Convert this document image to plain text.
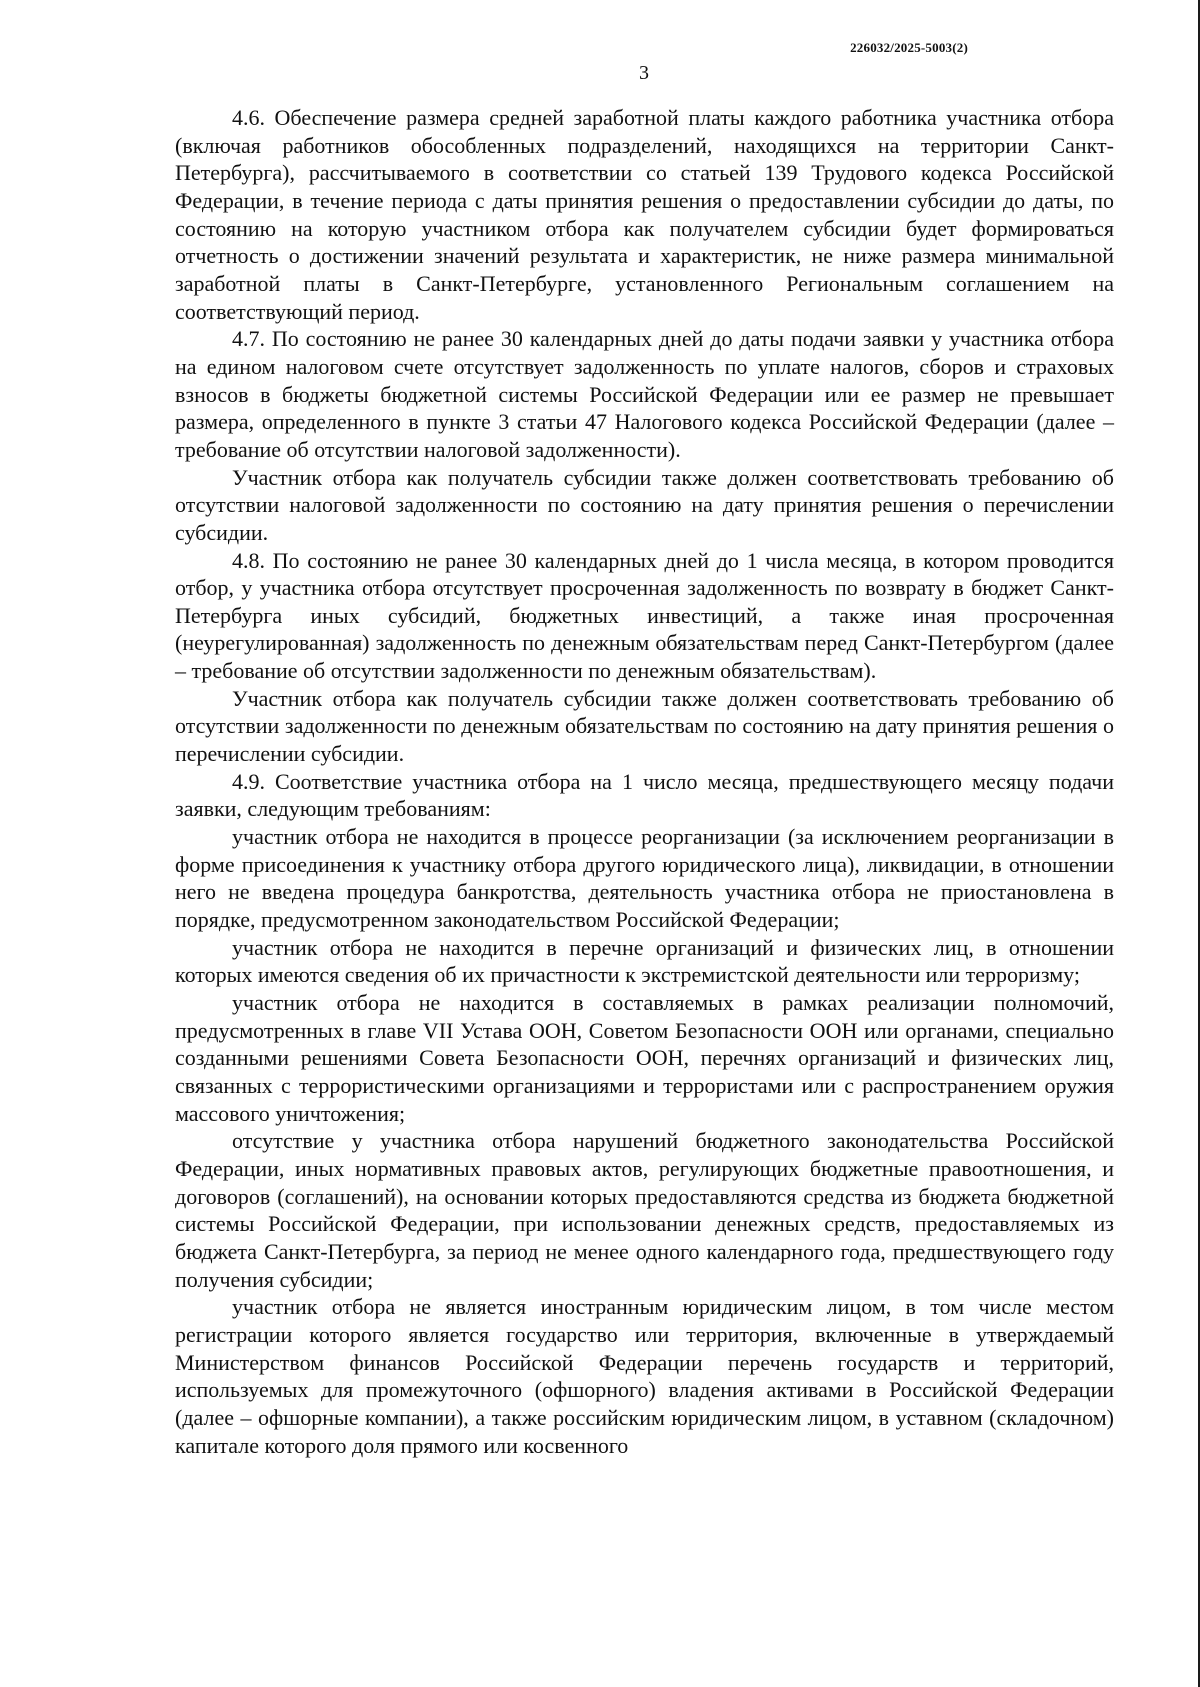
226032/2025-5003(2)
3

4.6. Обеспечение размера средней заработной платы каждого работника участника отбора (включая работников обособленных подразделений, находящихся на территории Санкт-Петербурга), рассчитываемого в соответствии со статьей 139 Трудового кодекса Российской Федерации, в течение периода с даты принятия решения о предоставлении субсидии до даты, по состоянию на которую участником отбора как получателем субсидии будет формироваться отчетность о достижении значений результата и характеристик, не ниже размера минимальной заработной платы в Санкт-Петербурге, установленного Региональным соглашением на соответствующий период.

4.7. По состоянию не ранее 30 календарных дней до даты подачи заявки у участника отбора на едином налоговом счете отсутствует задолженность по уплате налогов, сборов и страховых взносов в бюджеты бюджетной системы Российской Федерации или ее размер не превышает размера, определенного в пункте 3 статьи 47 Налогового кодекса Российской Федерации (далее – требование об отсутствии налоговой задолженности).

Участник отбора как получатель субсидии также должен соответствовать требованию об отсутствии налоговой задолженности по состоянию на дату принятия решения о перечислении субсидии.

4.8. По состоянию не ранее 30 календарных дней до 1 числа месяца, в котором проводится отбор, у участника отбора отсутствует просроченная задолженность по возврату в бюджет Санкт-Петербурга иных субсидий, бюджетных инвестиций, а также иная просроченная (неурегулированная) задолженность по денежным обязательствам перед Санкт-Петербургом (далее – требование об отсутствии задолженности по денежным обязательствам).

Участник отбора как получатель субсидии также должен соответствовать требованию об отсутствии задолженности по денежным обязательствам по состоянию на дату принятия решения о перечислении субсидии.

4.9. Соответствие участника отбора на 1 число месяца, предшествующего месяцу подачи заявки, следующим требованиям:

участник отбора не находится в процессе реорганизации (за исключением реорганизации в форме присоединения к участнику отбора другого юридического лица), ликвидации, в отношении него не введена процедура банкротства, деятельность участника отбора не приостановлена в порядке, предусмотренном законодательством Российской Федерации;

участник отбора не находится в перечне организаций и физических лиц, в отношении которых имеются сведения об их причастности к экстремистской деятельности или терроризму;

участник отбора не находится в составляемых в рамках реализации полномочий, предусмотренных в главе VII Устава ООН, Советом Безопасности ООН или органами, специально созданными решениями Совета Безопасности ООН, перечнях организаций и физических лиц, связанных с террористическими организациями и террористами или с распространением оружия массового уничтожения;

отсутствие у участника отбора нарушений бюджетного законодательства Российской Федерации, иных нормативных правовых актов, регулирующих бюджетные правоотношения, и договоров (соглашений), на основании которых предоставляются средства из бюджета бюджетной системы Российской Федерации, при использовании денежных средств, предоставляемых из бюджета Санкт-Петербурга, за период не менее одного календарного года, предшествующего году получения субсидии;

участник отбора не является иностранным юридическим лицом, в том числе местом регистрации которого является государство или территория, включенные в утверждаемый Министерством финансов Российской Федерации перечень государств и территорий, используемых для промежуточного (офшорного) владения активами в Российской Федерации (далее – офшорные компании), а также российским юридическим лицом, в уставном (складочном) капитале которого доля прямого или косвенного
